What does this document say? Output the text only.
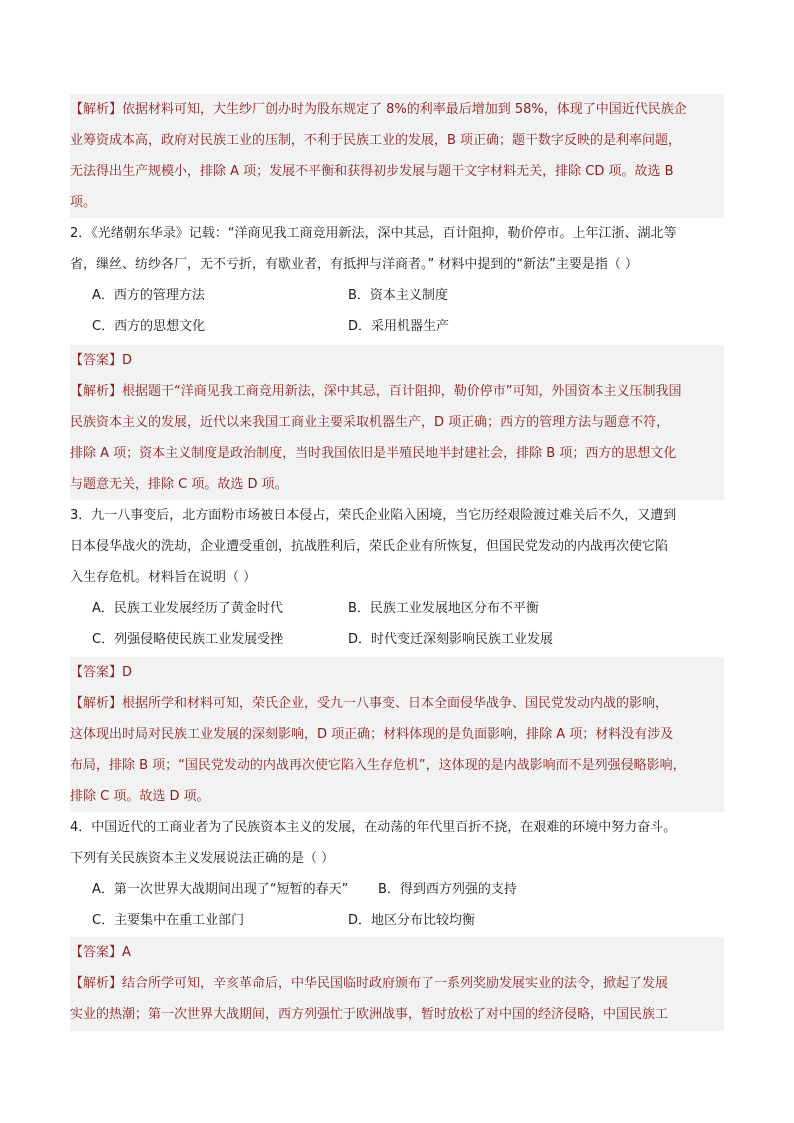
【解析】依据材料可知，大生纱厂创办时为股东规定了 8%的利率最后增加到 58%，体现了中国近代民族企
业筹资成本高，政府对民族工业的压制，不利于民族工业的发展，B 项正确；题干数字反映的是利率问题，
无法得出生产规模小，排除 A 项；发展不平衡和获得初步发展与题干文字材料无关，排除 CD 项。故选 B
项。
2．《光绪朝东华录》记载：“洋商见我工商竞用新法，深中其忌，百计阻抑，勒价停市。上年江浙、湖北等
省，缫丝、纺纱各厂，无不亏折，有歇业者，有抵押与洋商者。” 材料中提到的“新法”主要是指（ ）
A．西方的管理方法	B．资本主义制度
C．西方的思想文化	D．采用机器生产
【答案】D
【解析】根据题干“洋商见我工商竞用新法，深中其忌，百计阻抑，勒价停市”可知，外国资本主义压制我国
民族资本主义的发展，近代以来我国工商业主要采取机器生产，D 项正确；西方的管理方法与题意不符，
排除 A 项；资本主义制度是政治制度，当时我国依旧是半殖民地半封建社会，排除 B 项；西方的思想文化
与题意无关，排除 C 项。故选 D 项。
3．九一八事变后，北方面粉市场被日本侵占，荣氏企业陷入困境，当它历经艰险渡过难关后不久，又遭到
日本侵华战火的洗劫，企业遭受重创，抗战胜利后，荣氏企业有所恢复，但国民党发动的内战再次使它陷
入生存危机。材料旨在说明（ ）
A．民族工业发展经历了黄金时代	B．民族工业发展地区分布不平衡
C．列强侵略使民族工业发展受挫	D．时代变迁深刻影响民族工业发展
【答案】D
【解析】根据所学和材料可知，荣氏企业，受九一八事变、日本全面侵华战争、国民党发动内战的影响，
这体现出时局对民族工业发展的深刻影响，D 项正确；材料体现的是负面影响，排除 A 项；材料没有涉及
布局，排除 B 项；“国民党发动的内战再次使它陷入生存危机”，这体现的是内战影响而不是列强侵略影响，
排除 C 项。故选 D 项。
4．中国近代的工商业者为了民族资本主义的发展，在动荡的年代里百折不挠，在艰难的环境中努力奋斗。
下列有关民族资本主义发展说法正确的是（ ）
A．第一次世界大战期间出现了“短暂的春天” B．得到西方列强的支持
C．主要集中在重工业部门	D．地区分布比较均衡
【答案】A
【解析】结合所学可知，辛亥革命后，中华民国临时政府颁布了一系列奖励发展实业的法令，掀起了发展
实业的热潮；第一次世界大战期间，西方列强忙于欧洲战事，暂时放松了对中国的经济侵略，中国民族工
